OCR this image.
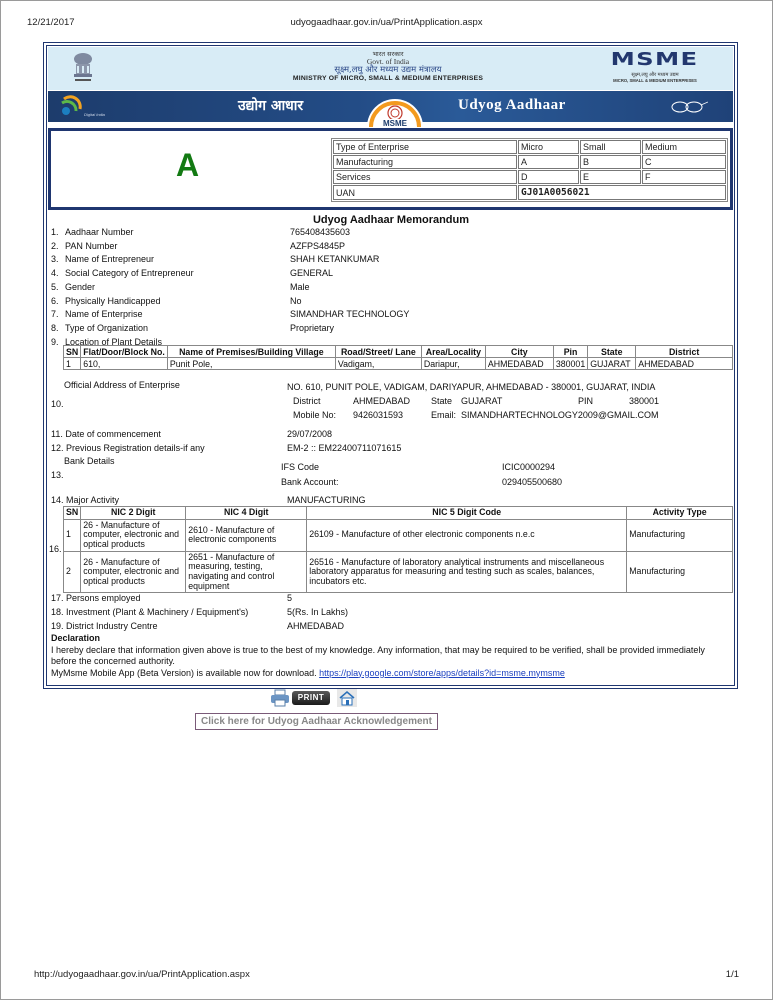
12/21/2017	udyogaadhaar.gov.in/ua/PrintApplication.aspx
भारत सरकार
Govt. of India
सूक्ष्म,लघु और मध्यम उद्यम मंत्रालय
MINISTRY OF MICRO, SMALL & MEDIUM ENTERPRISES
MSME
सूक्ष्म,लघु और मध्यम उद्यम
MICRO, SMALL & MEDIUM ENTERPRISES
Digital India
उद्योग आधार
MSME
Udyog Aadhaar
A	Type of Enterprise	Micro	Small	Medium
Manufacturing	A	B	C
Services	D	E	F
UAN	GJ01A0056021		
Udyog Aadhaar Memorandum
1. Aadhaar Number	765408435603
2. PAN Number	AZFPS4845P
3. Name of Entrepreneur	SHAH KETANKUMAR
4. Social Category of Entrepreneur	GENERAL
5. Gender	Male
6. Physically Handicapped	No
7. Name of Enterprise	SIMANDHAR TECHNOLOGY
8. Type of Organization	Proprietary
9. Location of Plant Details
SN	Flat/Door/Block No.	Name of Premises/Building Village	Road/Street/ Lane	Area/Locality	City	Pin	State	District
1	610,	Punit Pole,	Vadigam,	Dariapur,	AHMEDABAD	380001	GUJARAT	AHMEDABAD
Official Address of Enterprise	NO. 610, PUNIT POLE, VADIGAM, DARIYAPUR, AHMEDABAD - 380001, GUJARAT, INDIA
10.	District	AHMEDABAD State GUJARAT	PIN	380001
Mobile No: 9426031593	Email: SIMANDHARTECHNOLOGY2009@GMAIL.COM
11. Date of commencement	29/07/2008
12. Previous Registration details-if any	EM-2 :: EM22400711071615
Bank Details
13.
IFS Code	ICIC0000294
Bank Account:	029405500680
14. Major Activity	MANUFACTURING
16.
SN	NIC 2 Digit	NIC 4 Digit	NIC 5 Digit Code	Activity Type
1	26 - Manufacture of computer, electronic and optical products	2610 - Manufacture of electronic components	26109 - Manufacture of other electronic components n.e.c	Manufacturing
2	26 - Manufacture of computer, electronic and optical products	2651 - Manufacture of measuring, testing, navigating and control equipment	26516 - Manufacture of laboratory analytical instruments and miscellaneous laboratory apparatus for measuring and testing such as scales, balances, incubators etc.	Manufacturing
17. Persons employed	5
18. Investment (Plant & Machinery / Equipment's)	5(Rs. In Lakhs)
19. District Industry Centre	AHMEDABAD
Declaration
I hereby declare that information given above is true to the best of my knowledge. Any information, that may be required to be verified, shall be provided immediately before the concerned authority.
MyMsme Mobile App (Beta Version) is available now for download. https://play.google.com/store/apps/details?id=msme.mymsme
PRINT
Click here for Udyog Aadhaar Acknowledgement
http://udyogaadhaar.gov.in/ua/PrintApplication.aspx	1/1
